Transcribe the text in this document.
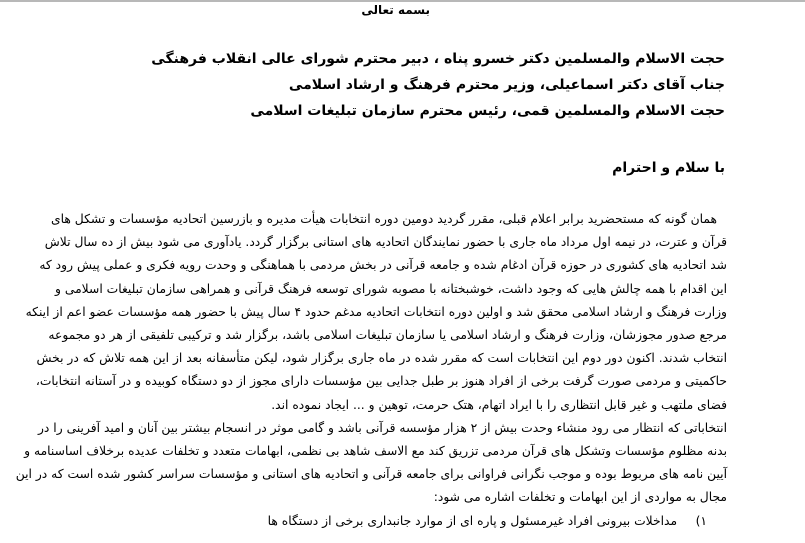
بسمه تعالی
حجت الاسلام والمسلمین دکتر خسرو پناه ، دبیر محترم شورای عالی انقلاب فرهنگی
جناب آقای دکتر اسماعیلی، وزیر محترم فرهنگ و ارشاد اسلامی
حجت الاسلام والمسلمین قمی، رئیس محترم سازمان تبلیغات اسلامی
با سلام و احترام
همان گونه که مستحضرید برابر اعلام قبلی، مقرر گردید دومین دوره انتخابات هیأت مدیره و بازرسین اتحادیه مؤسسات و تشکل های
قرآن و عترت، در نیمه اول مرداد ماه جاری با حضور نمایندگان اتحادیه های استانی برگزار گردد. یادآوری می شود بیش از ده سال تلاش
شد اتحادیه های کشوری در حوزه قرآن ادغام شده و جامعه قرآنی در بخش مردمی با هماهنگی و وحدت رویه فکری و عملی پیش رود که
این اقدام با همه چالش هایی که وجود داشت، خوشبختانه با مصوبه شورای توسعه فرهنگ قرآنی و همراهی سازمان تبلیغات اسلامی و
وزارت فرهنگ و ارشاد اسلامی محقق شد و اولین دوره انتخابات اتحادیه مدغم حدود ۴ سال پیش با حضور همه مؤسسات عضو اعم از اینکه
مرجع صدور مجوزشان، وزارت فرهنگ و ارشاد اسلامی یا سازمان تبلیغات اسلامی باشد، برگزار شد و ترکیبی تلفیقی از هر دو مجموعه
انتخاب شدند. اکنون دور دوم این انتخابات است که مقرر شده در ماه جاری برگزار شود، لیکن متأسفانه بعد از این همه تلاش که در بخش
حاکمیتی و مردمی صورت گرفت برخی از افراد هنوز بر طبل جدایی بین مؤسسات دارای مجوز از دو دستگاه کوبیده و در آستانه انتخابات،
فضای ملتهب و غیر قابل انتظاری را با ایراد اتهام، هتک حرمت، توهین و ... ایجاد نموده اند.
انتخاباتی که انتظار می رود منشاء وحدت بیش از ۲ هزار مؤسسه قرآنی باشد و گامی موثر در انسجام بیشتر بین آنان و امید آفرینی را در
بدنه مظلوم مؤسسات وتشکل های قرآن مردمی تزریق کند مع الاسف شاهد بی نظمی، ابهامات متعدد و تخلفات عدیده برخلاف اساسنامه و
آیین نامه های مربوط بوده و موجب نگرانی فراوانی برای جامعه قرآنی و اتحادیه های استانی و مؤسسات سراسر کشور شده است که در این
مجال به مواردی از این ابهامات و تخلفات اشاره می شود:
۱) مداخلات بیرونی افراد غیرمسئول و پاره ای از موارد جانبداری برخی از دستگاه ها
